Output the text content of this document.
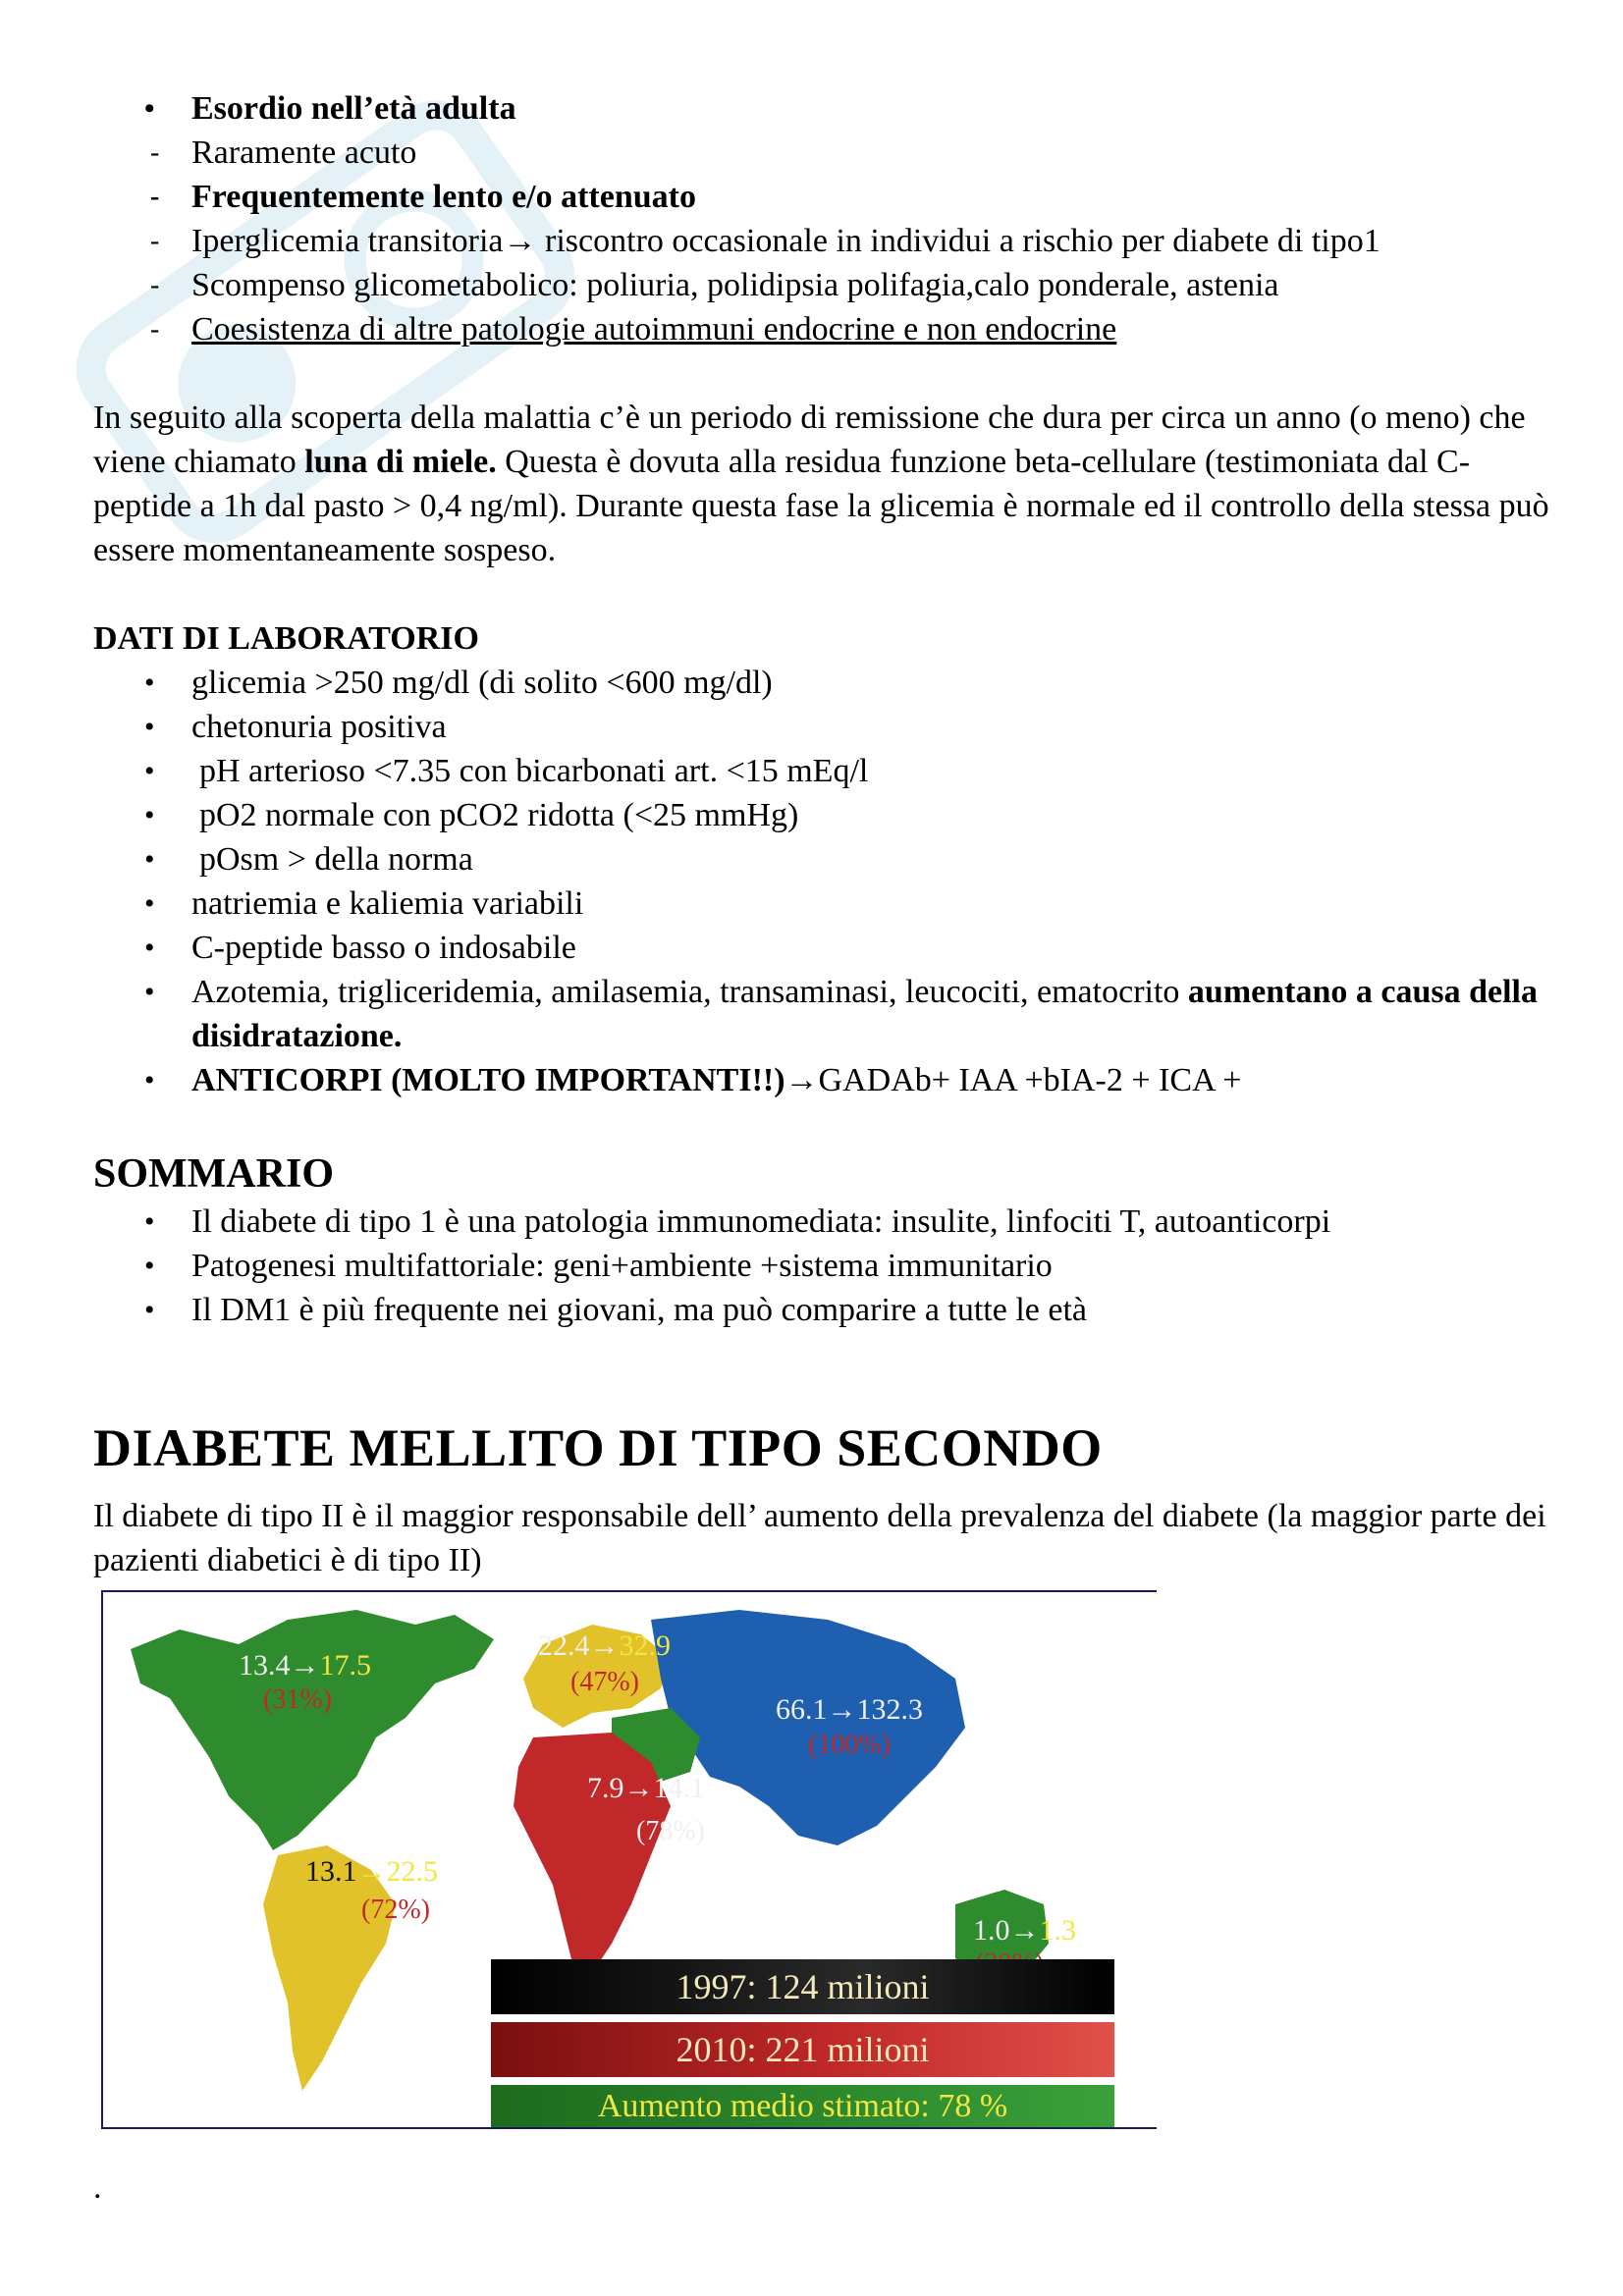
• Esordio nell’età adulta
- Raramente acuto
- Frequentemente lento e/o attenuato
- Iperglicemia transitoria→ riscontro occasionale in individui a rischio per diabete di tipo1
- Scompenso glicometabolico: poliuria, polidipsia polifagia,calo ponderale, astenia
- Coesistenza di altre patologie autoimmuni endocrine e non endocrine

In seguito alla scoperta della malattia c’è un periodo di remissione che dura per circa un anno (o meno) che viene chiamato luna di miele. Questa è dovuta alla residua funzione beta-cellulare (testimoniata dal C-peptide a 1h dal pasto > 0,4 ng/ml). Durante questa fase la glicemia è normale ed il controllo della stessa può essere momentaneamente sospeso.

DATI DI LABORATORIO
• glicemia >250 mg/dl (di solito <600 mg/dl)
• chetonuria positiva
• pH arterioso <7.35 con bicarbonati art. <15 mEq/l
• pO2 normale con pCO2 ridotta (<25 mmHg)
• pOsm > della norma
• natriemia e kaliemia variabili
• C-peptide basso o indosabile
• Azotemia, trigliceridemia, amilasemia, transaminasi, leucociti, ematocrito aumentano a causa della disidratazione.
• ANTICORPI (MOLTO IMPORTANTI!!)→GADAb+ IAA +bIA-2 + ICA +
SOMMARIO
• Il diabete di tipo 1 è una patologia immunomediata: insulite, linfociti T, autoanticorpi
• Patogenesi multifattoriale: geni+ambiente +sistema immunitario
• Il DM1 è più frequente nei giovani, ma può comparire a tutte le età
DIABETE MELLITO DI TIPO SECONDO

Il diabete di tipo II è il maggior responsabile dell’ aumento della prevalenza del diabete (la maggior parte dei pazienti diabetici è di tipo II)

13.4→17.5
(31%)
22.4→32.9
(47%)
66.1→132.3
(100%)
7.9→14.1
(78%)
13.1→22.5
(72%)
1.0→1.3
1997: 124 milioni
2010: 221 milioni
Aumento medio stimato: 78 %
.
